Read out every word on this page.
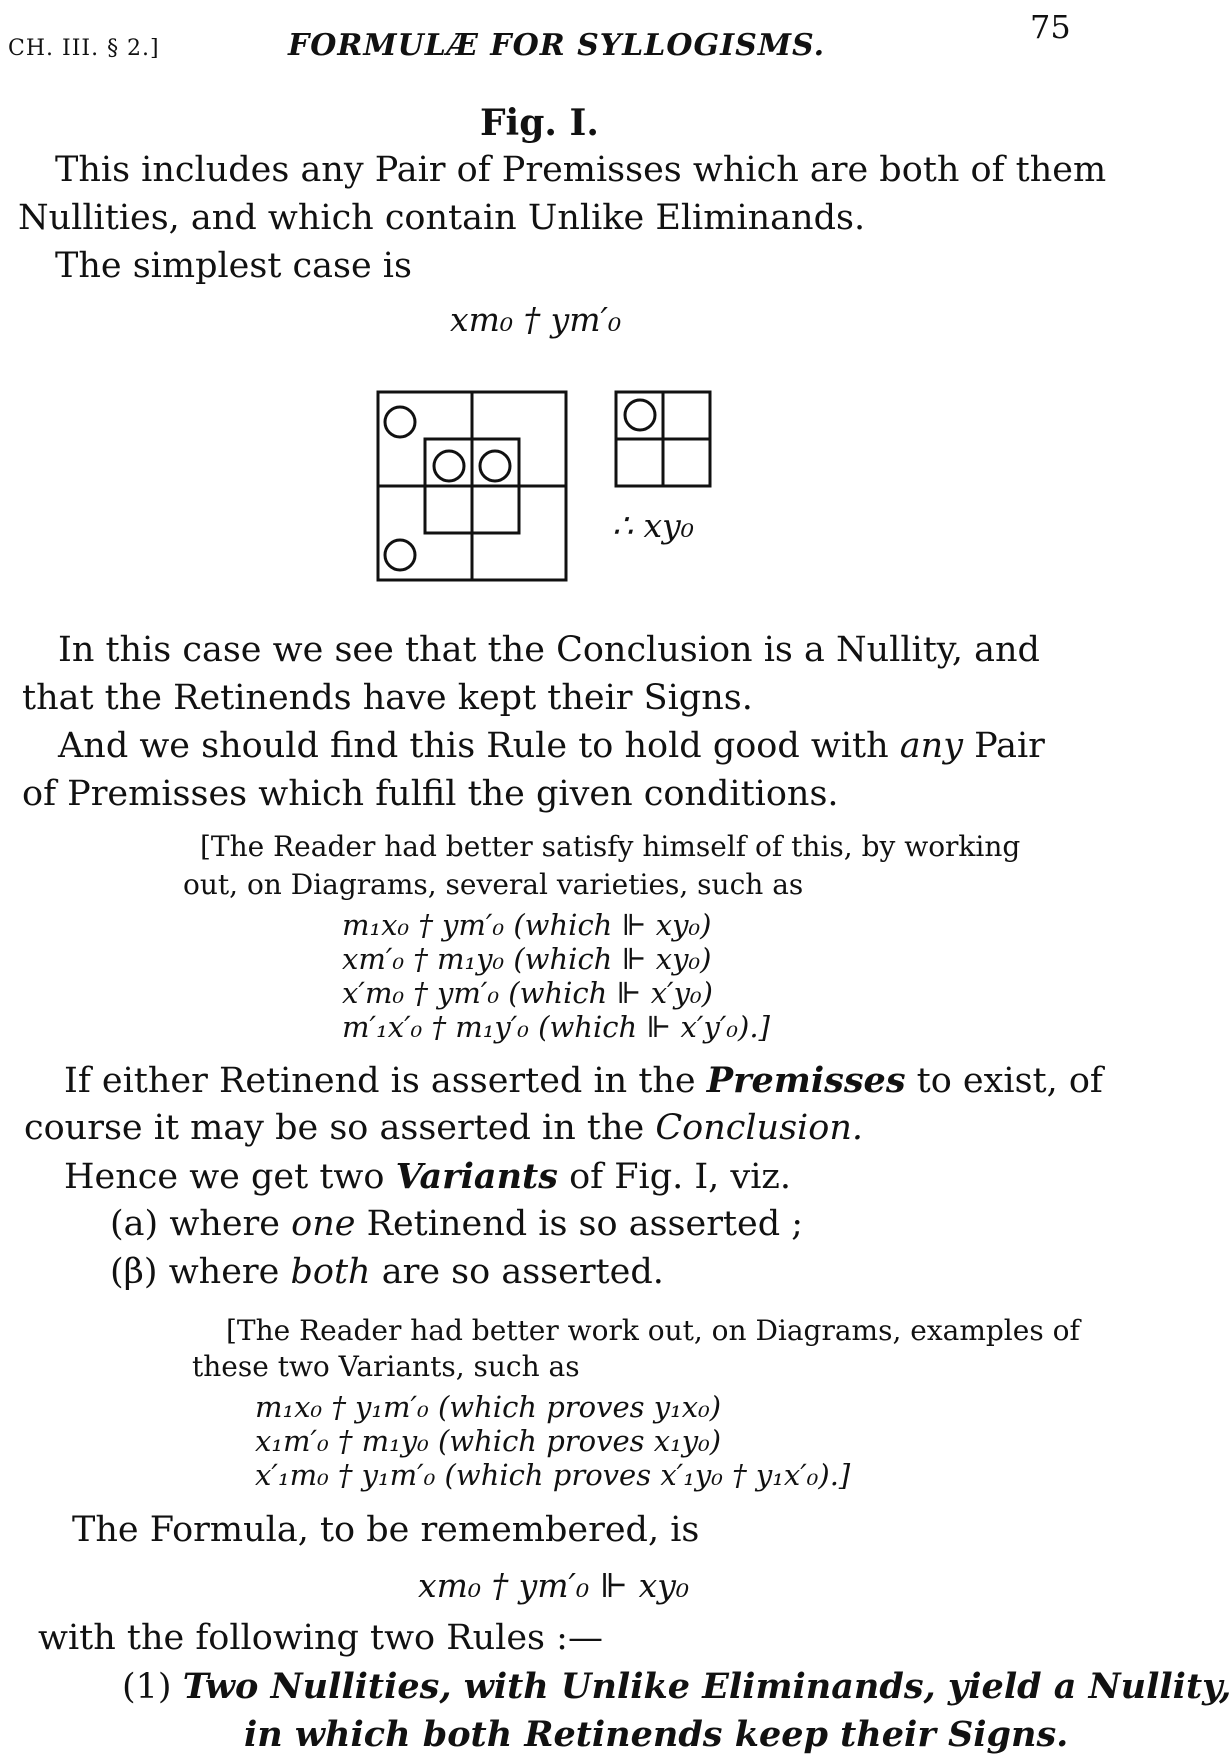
CH. III. § 2.]	FORMULÆ FOR SYLLOGISMS.	75
Fig. I.
This includes any Pair of Premisses which are both of them
Nullities, and which contain Unlike Eliminands.
The simplest case is
xm₀ † ym′₀
∴ xy₀
In this case we see that the Conclusion is a Nullity, and
that the Retinends have kept their Signs.
And we should find this Rule to hold good with any Pair
of Premisses which fulfil the given conditions.
[The Reader had better satisfy himself of this, by working
out, on Diagrams, several varieties, such as
m₁x₀ † ym′₀ (which ⊩ xy₀)
xm′₀ † m₁y₀ (which ⊩ xy₀)
x′m₀ † ym′₀ (which ⊩ x′y₀)
m′₁x′₀ † m₁y′₀ (which ⊩ x′y′₀).]
If either Retinend is asserted in the Premisses to exist, of
course it may be so asserted in the Conclusion.
Hence we get two Variants of Fig. I, viz.
(a) where one Retinend is so asserted ;
(β) where both are so asserted.
[The Reader had better work out, on Diagrams, examples of
these two Variants, such as
m₁x₀ † y₁m′₀ (which proves y₁x₀)
x₁m′₀ † m₁y₀ (which proves x₁y₀)
x′₁m₀ † y₁m′₀ (which proves x′₁y₀ † y₁x′₀).]
The Formula, to be remembered, is
xm₀ † ym′₀ ⊩ xy₀
with the following two Rules :—
(1) Two Nullities, with Unlike Eliminands, yield a Nullity,
in which both Retinends keep their Signs.
